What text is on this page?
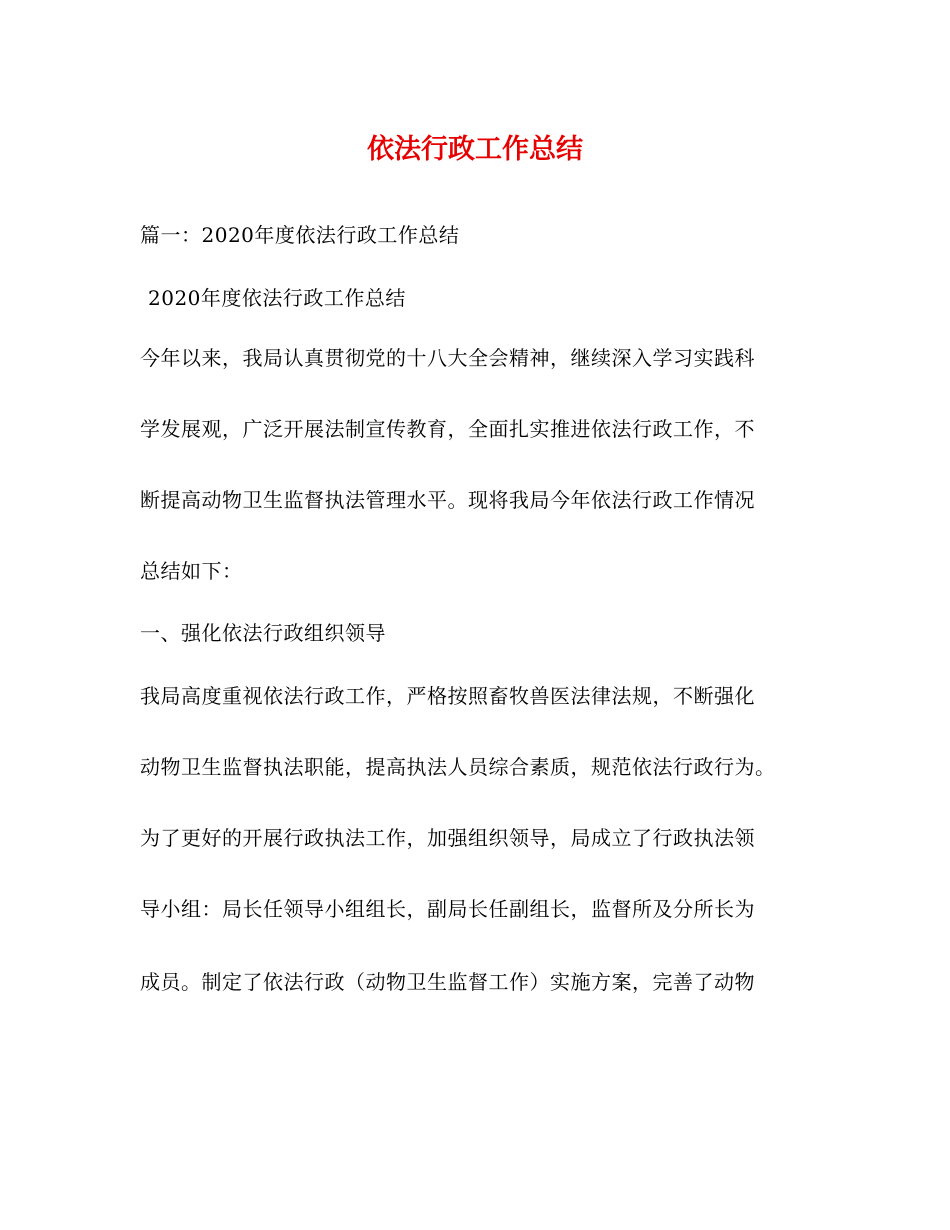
依法行政工作总结

篇一：2020年度依法行政工作总结

2020年度依法行政工作总结

今年以来，我局认真贯彻党的十八大全会精神，继续深入学习实践科

学发展观，广泛开展法制宣传教育，全面扎实推进依法行政工作，不

断提高动物卫生监督执法管理水平。现将我局今年依法行政工作情况

总结如下：

一、强化依法行政组织领导

我局高度重视依法行政工作，严格按照畜牧兽医法律法规，不断强化

动物卫生监督执法职能，提高执法人员综合素质，规范依法行政行为。

为了更好的开展行政执法工作，加强组织领导，局成立了行政执法领

导小组：局长任领导小组组长，副局长任副组长，监督所及分所长为

成员。制定了依法行政（动物卫生监督工作）实施方案，完善了动物
